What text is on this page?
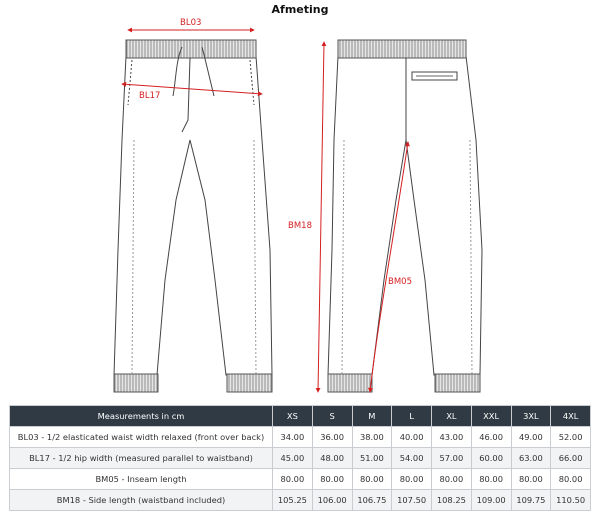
Afmeting
BL03
BL17
BM18
BM05
Measurements in cm	XS	S	M	L	XL	XXL	3XL	4XL
BL03 - 1/2 elasticated waist width relaxed (front over back)	34.00	36.00	38.00	40.00	43.00	46.00	49.00	52.00
BL17 - 1/2 hip width (measured parallel to waistband)	45.00	48.00	51.00	54.00	57.00	60.00	63.00	66.00
BM05 - Inseam length	80.00	80.00	80.00	80.00	80.00	80.00	80.00	80.00
BM18 - Side length (waistband included)	105.25	106.00	106.75	107.50	108.25	109.00	109.75	110.50
